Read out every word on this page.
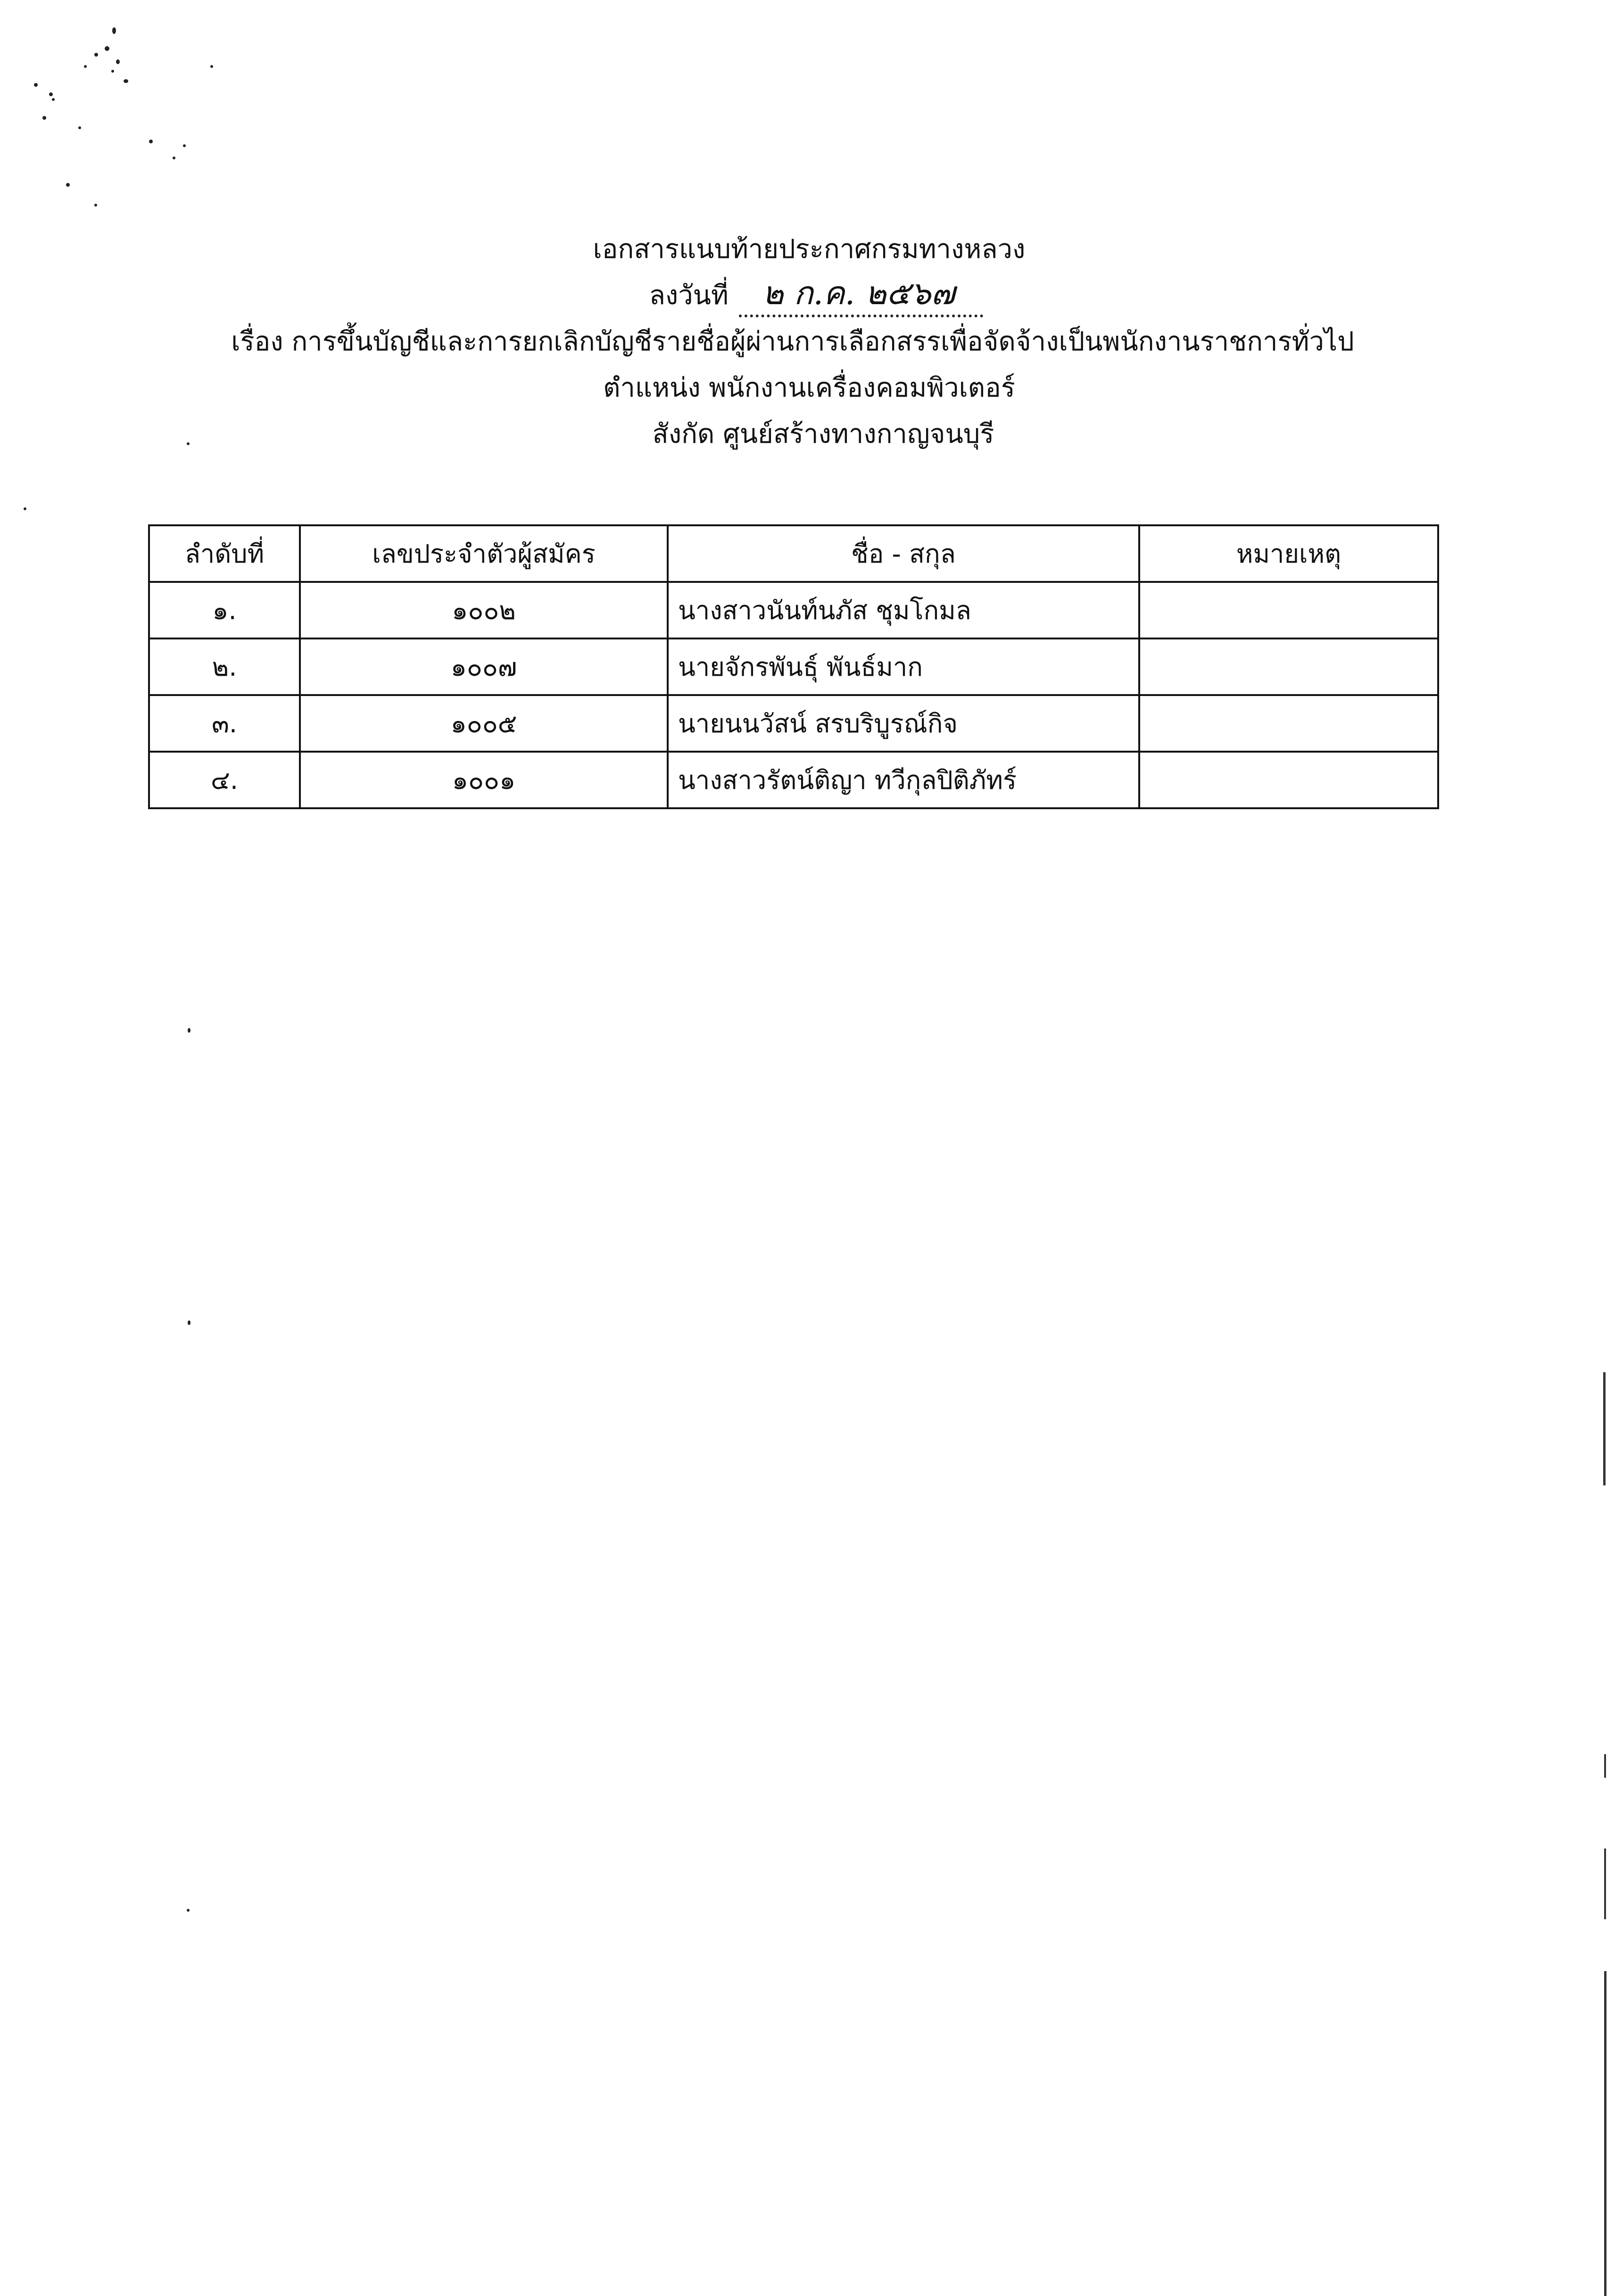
เอกสารแนบท้ายประกาศกรมทางหลวง
ลงวันที่ ๒ ก.ค. ๒๕๖๗
เรื่อง การขึ้นบัญชีและการยกเลิกบัญชีรายชื่อผู้ผ่านการเลือกสรรเพื่อจัดจ้างเป็นพนักงานราชการทั่วไป
ตำแหน่ง พนักงานเครื่องคอมพิวเตอร์
สังกัด ศูนย์สร้างทางกาญจนบุรี
ลำดับที่	เลขประจำตัวผู้สมัคร	ชื่อ - สกุล	หมายเหตุ
๑.	๑๐๐๒	นางสาวนันท์นภัส ชุมโกมล	
๒.	๑๐๐๗	นายจักรพันธุ์ พันธ์มาก	
๓.	๑๐๐๕	นายนนวัสน์ สรบริบูรณ์กิจ	
๔.	๑๐๐๑	นางสาวรัตน์ติญา ทวีกุลปิติภัทร์	
